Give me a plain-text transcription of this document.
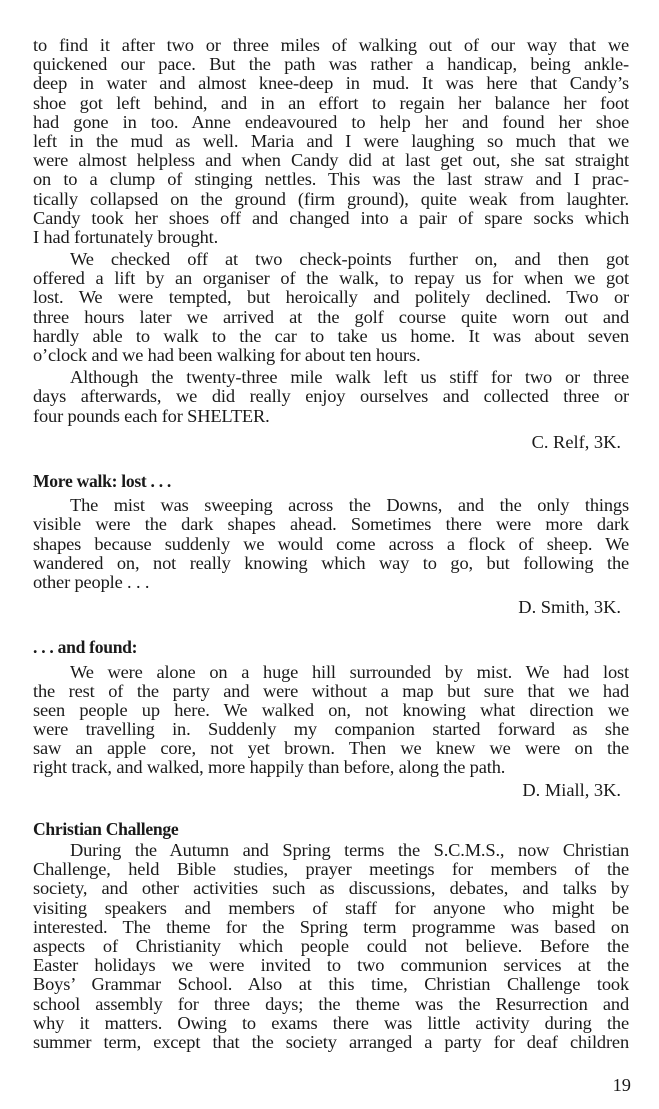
to find it after two or three miles of walking out of our way that we
quickened our pace. But the path was rather a handicap, being ankle-
deep in water and almost knee-deep in mud. It was here that Candy’s
shoe got left behind, and in an effort to regain her balance her foot
had gone in too. Anne endeavoured to help her and found her shoe
left in the mud as well. Maria and I were laughing so much that we
were almost helpless and when Candy did at last get out, she sat straight
on to a clump of stinging nettles. This was the last straw and I prac-
tically collapsed on the ground (firm ground), quite weak from laughter.
Candy took her shoes off and changed into a pair of spare socks which
I had fortunately brought.
We checked off at two check-points further on, and then got
offered a lift by an organiser of the walk, to repay us for when we got
lost. We were tempted, but heroically and politely declined. Two or
three hours later we arrived at the golf course quite worn out and
hardly able to walk to the car to take us home. It was about seven
o’clock and we had been walking for about ten hours.
Although the twenty-three mile walk left us stiff for two or three
days afterwards, we did really enjoy ourselves and collected three or
four pounds each for SHELTER.
C. Relf, 3K.
More walk: lost . . .
The mist was sweeping across the Downs, and the only things
visible were the dark shapes ahead. Sometimes there were more dark
shapes because suddenly we would come across a flock of sheep. We
wandered on, not really knowing which way to go, but following the
other people . . .
D. Smith, 3K.
. . . and found:
We were alone on a huge hill surrounded by mist. We had lost
the rest of the party and were without a map but sure that we had
seen people up here. We walked on, not knowing what direction we
were travelling in. Suddenly my companion started forward as she
saw an apple core, not yet brown. Then we knew we were on the
right track, and walked, more happily than before, along the path.
D. Miall, 3K.
Christian Challenge
During the Autumn and Spring terms the S.C.M.S., now Christian
Challenge, held Bible studies, prayer meetings for members of the
society, and other activities such as discussions, debates, and talks by
visiting speakers and members of staff for anyone who might be
interested. The theme for the Spring term programme was based on
aspects of Christianity which people could not believe. Before the
Easter holidays we were invited to two communion services at the
Boys’ Grammar School. Also at this time, Christian Challenge took
school assembly for three days; the theme was the Resurrection and
why it matters. Owing to exams there was little activity during the
summer term, except that the society arranged a party for deaf children
19
